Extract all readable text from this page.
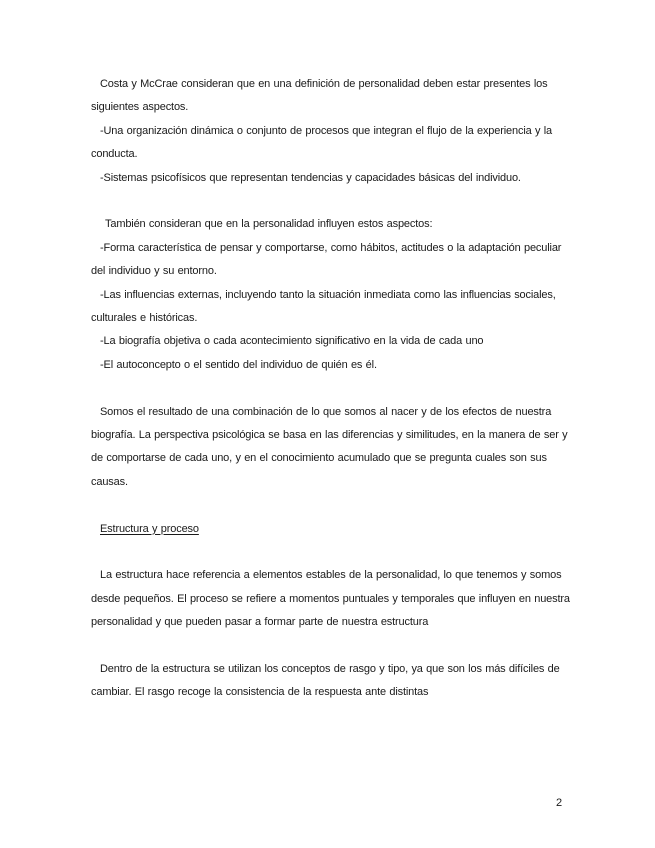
Costa y McCrae consideran que en una definición de personalidad deben estar presentes los siguientes aspectos.

-Una organización dinámica o conjunto de procesos que integran el flujo de la experiencia y la conducta.

-Sistemas psicofísicos que representan tendencias y capacidades básicas del individuo.

También consideran que en la personalidad influyen estos aspectos:

-Forma característica de pensar y comportarse, como hábitos, actitudes o la adaptación peculiar del individuo y su entorno.

-Las influencias externas, incluyendo tanto la situación inmediata como las influencias sociales, culturales e históricas.

-La biografía objetiva o cada acontecimiento significativo en la vida de cada uno

-El autoconcepto o el sentido del individuo de quién es él.

Somos el resultado de una combinación de lo que somos al nacer y de los efectos de nuestra biografía. La perspectiva psicológica se basa en las diferencias y similitudes, en la manera de ser y de comportarse de cada uno, y en el conocimiento acumulado que se pregunta cuales son sus causas.

Estructura y proceso

La estructura hace referencia a elementos estables de la personalidad, lo que tenemos y somos desde pequeños. El proceso se refiere a momentos puntuales y temporales que influyen en nuestra personalidad y que pueden pasar a formar parte de nuestra estructura

Dentro de la estructura se utilizan los conceptos de rasgo y tipo, ya que son los más difíciles de cambiar. El rasgo recoge la consistencia de la respuesta ante distintas

2
